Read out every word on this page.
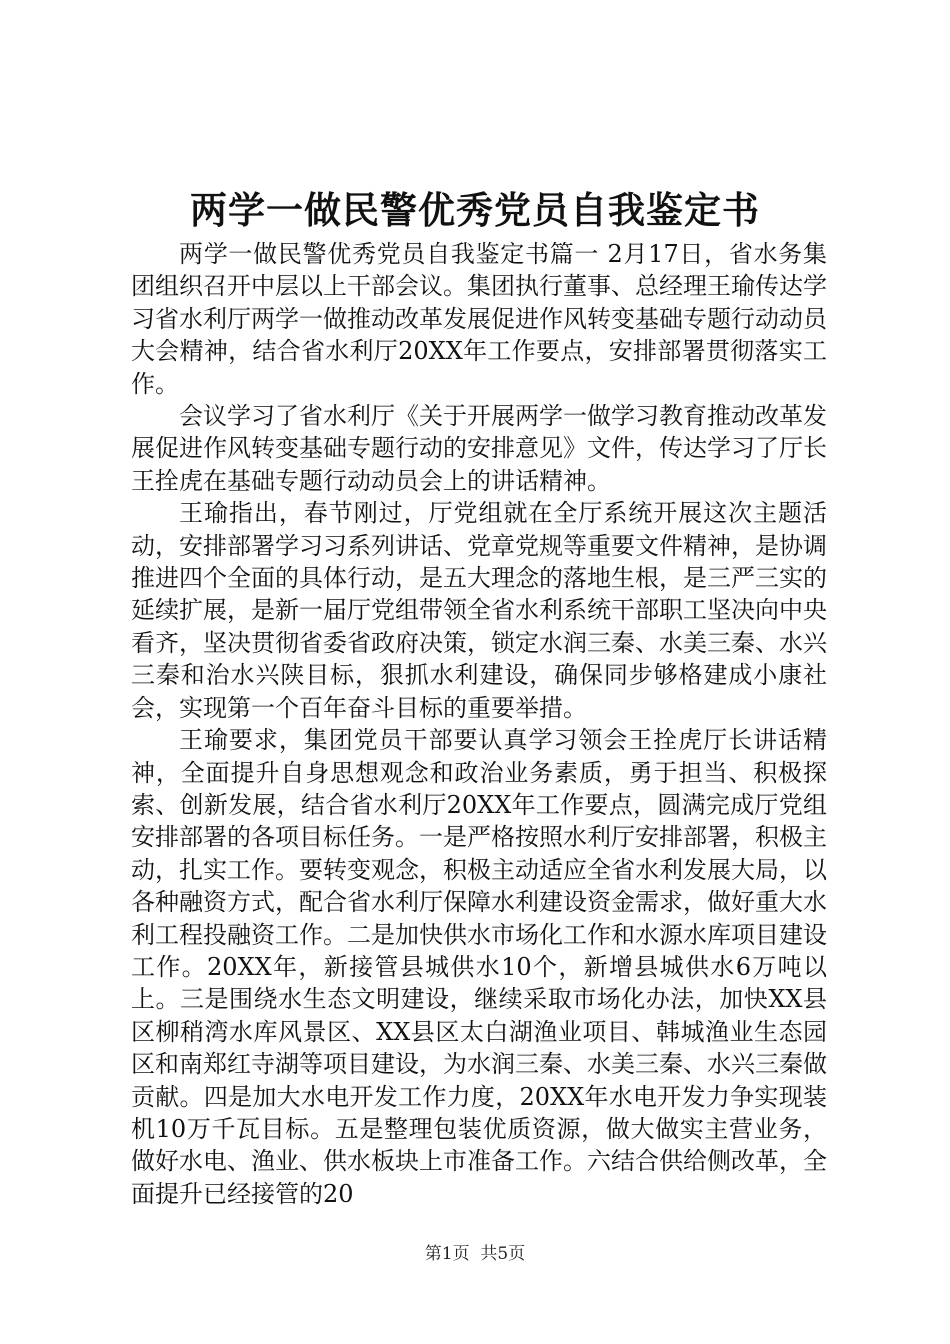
两学一做民警优秀党员自我鉴定书

两学一做民警优秀党员自我鉴定书篇一 2月17日，省水务集团组织召开中层以上干部会议。集团执行董事、总经理王瑜传达学习省水利厅两学一做推动改革发展促进作风转变基础专题行动动员大会精神，结合省水利厅20XX年工作要点，安排部署贯彻落实工作。

会议学习了省水利厅《关于开展两学一做学习教育推动改革发展促进作风转变基础专题行动的安排意见》文件，传达学习了厅长王拴虎在基础专题行动动员会上的讲话精神。

王瑜指出，春节刚过，厅党组就在全厅系统开展这次主题活动，安排部署学习习系列讲话、党章党规等重要文件精神，是协调推进四个全面的具体行动，是五大理念的落地生根，是三严三实的延续扩展，是新一届厅党组带领全省水利系统干部职工坚决向中央看齐，坚决贯彻省委省政府决策，锁定水润三秦、水美三秦、水兴三秦和治水兴陕目标，狠抓水利建设，确保同步够格建成小康社会，实现第一个百年奋斗目标的重要举措。

王瑜要求，集团党员干部要认真学习领会王拴虎厅长讲话精神，全面提升自身思想观念和政治业务素质，勇于担当、积极探索、创新发展，结合省水利厅20XX年工作要点，圆满完成厅党组安排部署的各项目标任务。一是严格按照水利厅安排部署，积极主动，扎实工作。要转变观念，积极主动适应全省水利发展大局，以各种融资方式，配合省水利厅保障水利建设资金需求，做好重大水利工程投融资工作。二是加快供水市场化工作和水源水库项目建设工作。20XX年，新接管县城供水10个，新增县城供水6万吨以上。三是围绕水生态文明建设，继续采取市场化办法，加快XX县区柳稍湾水库风景区、XX县区太白湖渔业项目、韩城渔业生态园区和南郑红寺湖等项目建设，为水润三秦、水美三秦、水兴三秦做贡献。四是加大水电开发工作力度，20XX年水电开发力争实现装机10万千瓦目标。五是整理包装优质资源，做大做实主营业务，做好水电、渔业、供水板块上市准备工作。六结合供给侧改革，全面提升已经接管的20

第1页  共5页
